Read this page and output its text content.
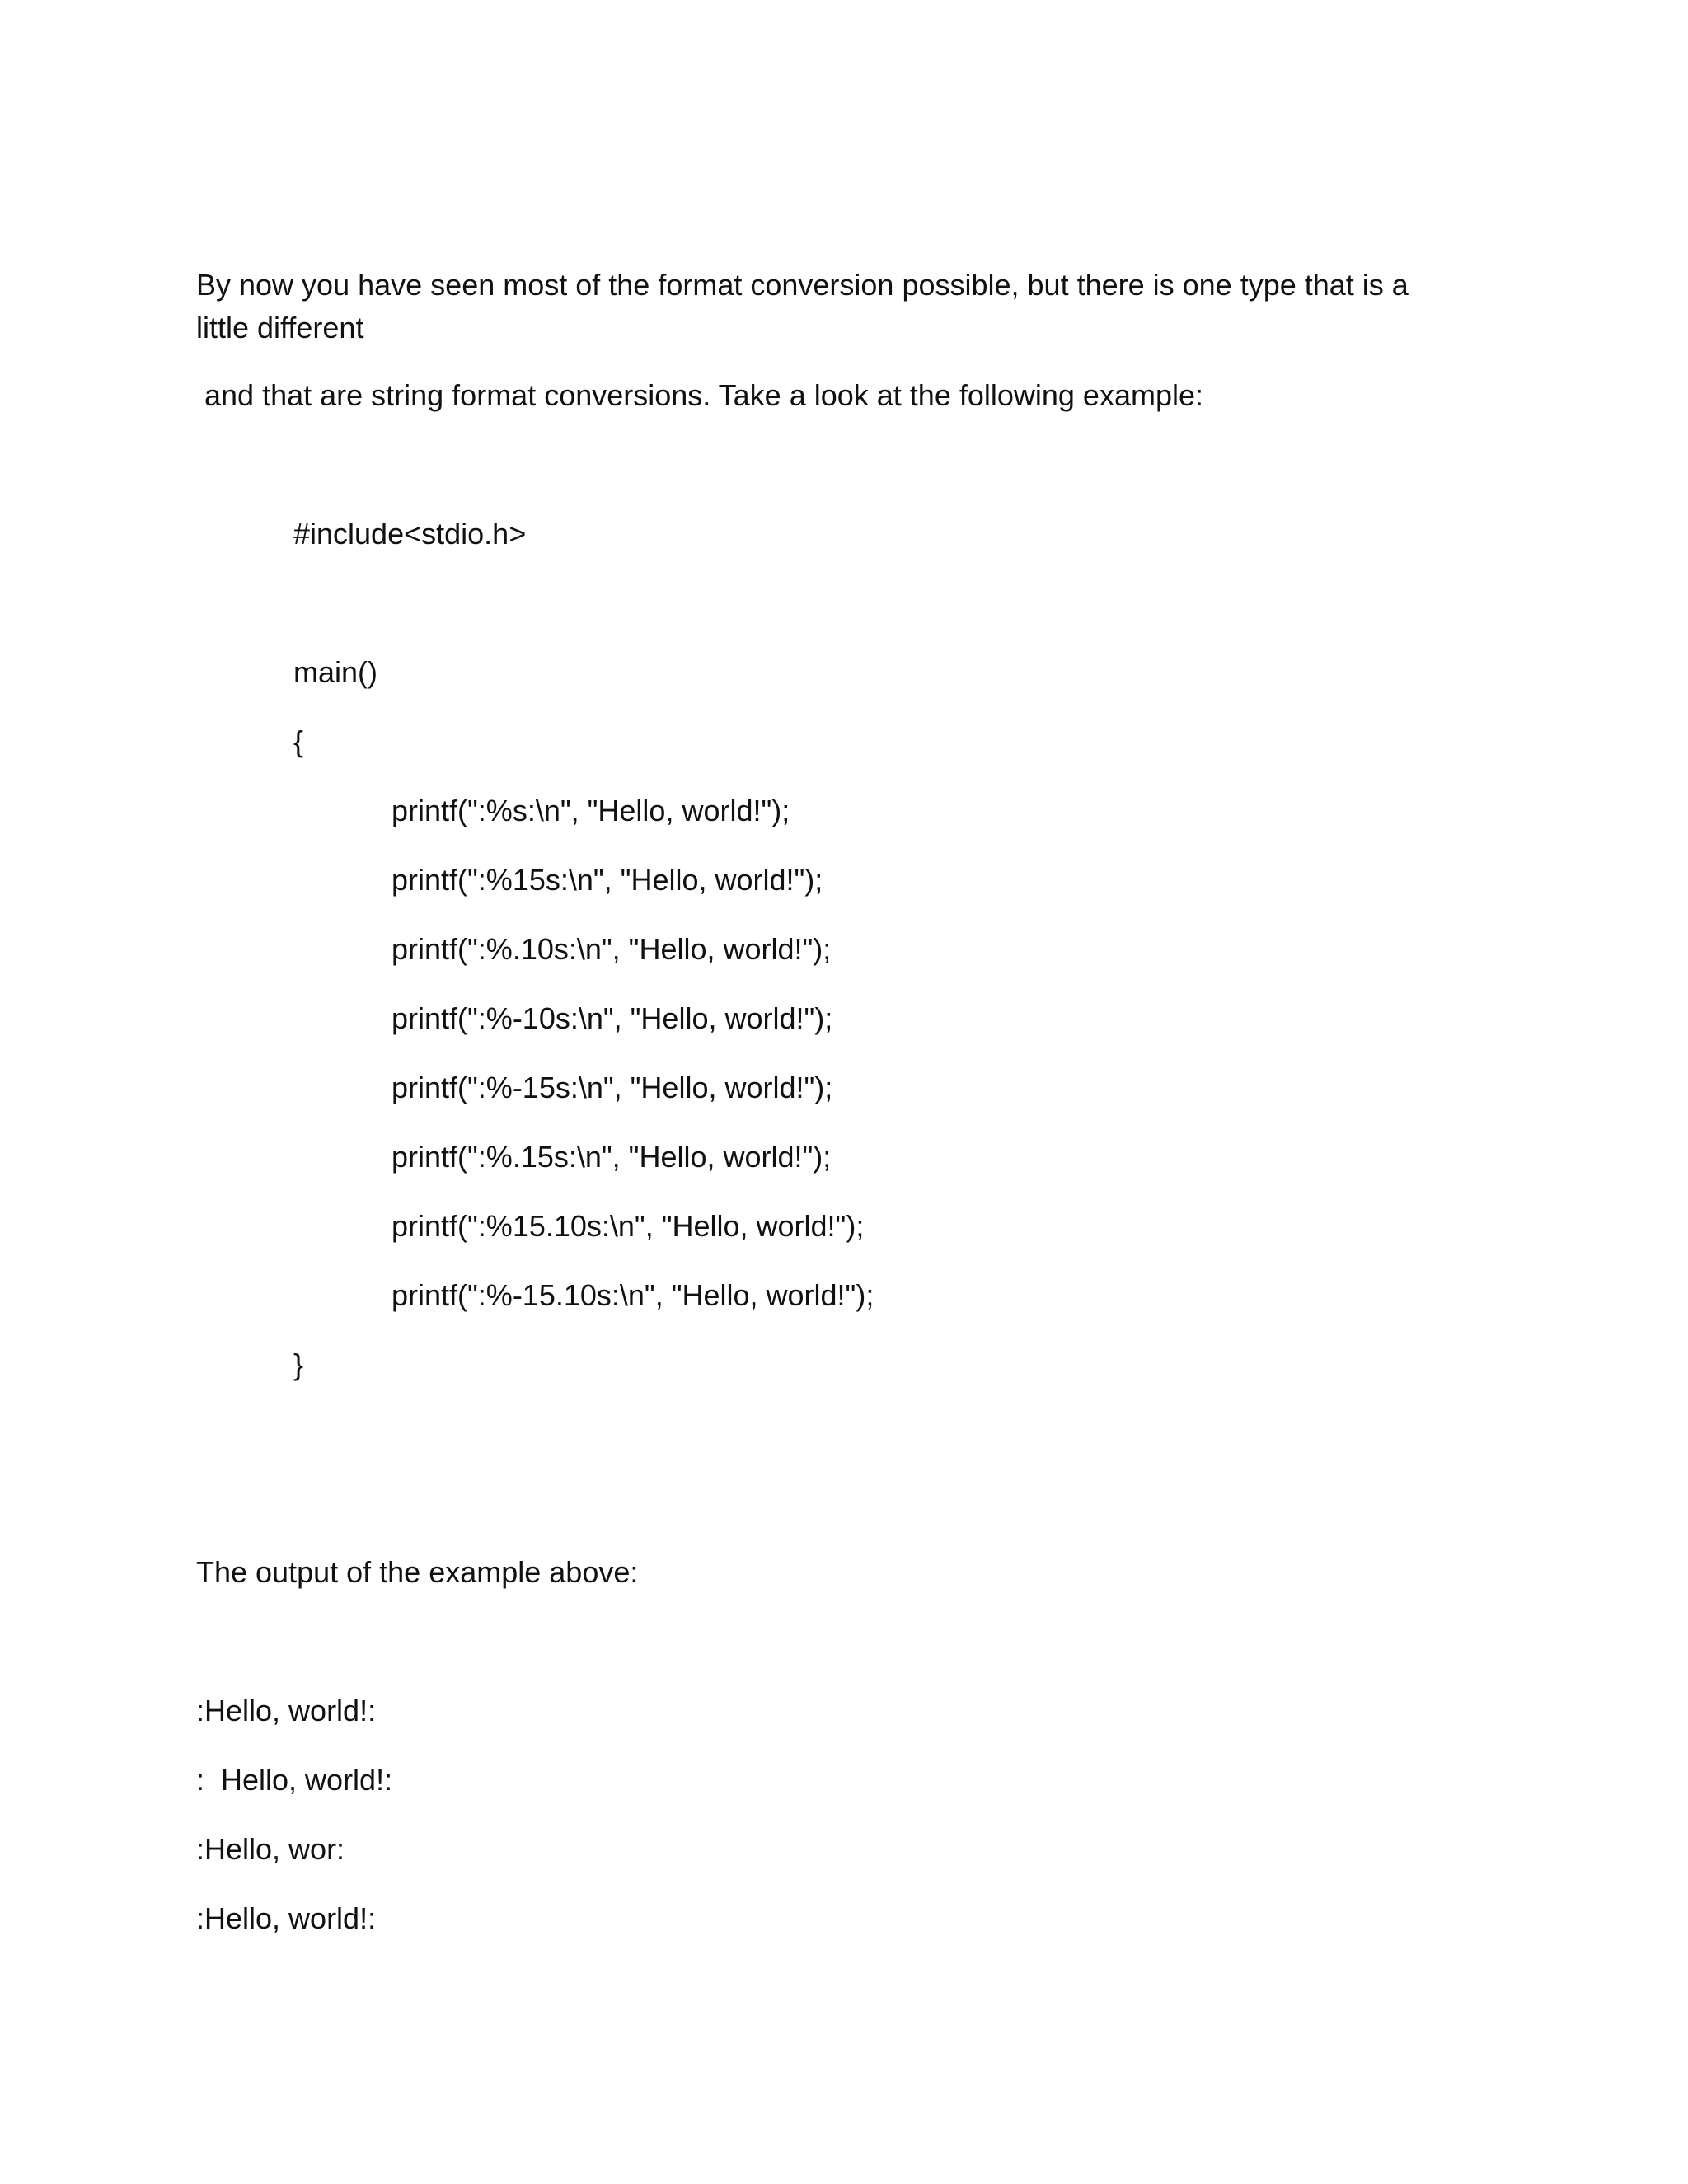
By now you have seen most of the format conversion possible, but there is one type that is a little different
and that are string format conversions. Take a look at the following example:
#include<stdio.h>
main()
{
printf(":%s:\n", "Hello, world!");
printf(":%15s:\n", "Hello, world!");
printf(":%.10s:\n", "Hello, world!");
printf(":%-10s:\n", "Hello, world!");
printf(":%-15s:\n", "Hello, world!");
printf(":%.15s:\n", "Hello, world!");
printf(":%15.10s:\n", "Hello, world!");
printf(":%-15.10s:\n", "Hello, world!");
}
The output of the example above:
:Hello, world!:
:  Hello, world!:
:Hello, wor:
:Hello, world!:
